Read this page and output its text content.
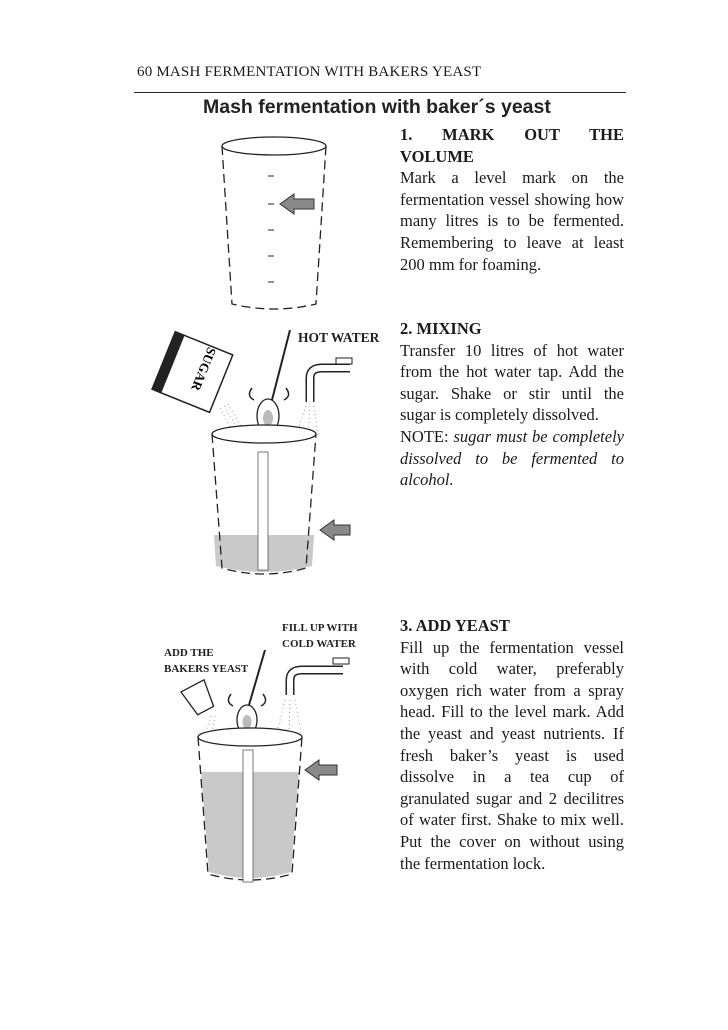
60 MASH FERMENTATION WITH BAKERS YEAST
Mash fermentation with baker´s yeast
1. MARK OUT THE
VOLUME

Mark a level mark on the fermentation vessel showing how many litres is to be fermented. Remembering to leave at least 200 mm for foaming.

2. MIXING

Transfer 10 litres of hot water from the hot water tap. Add the sugar. Shake or stir until the sugar is completely dissolved.

NOTE: sugar must be completely dissolved to be fermented to alcohol.

3. ADD YEAST

Fill up the fermentation vessel with cold water, preferably oxygen rich water from a spray head. Fill to the level mark. Add the yeast and yeast nutrients. If fresh baker’s yeast is used dissolve in a tea cup of granulated sugar and 2 decilitres of water first. Shake to mix well. Put the cover on without using the fermentation lock.

HOT WATER
FILL UP WITH
COLD WATER
ADD THE
BAKERS YEAST
SUGAR
